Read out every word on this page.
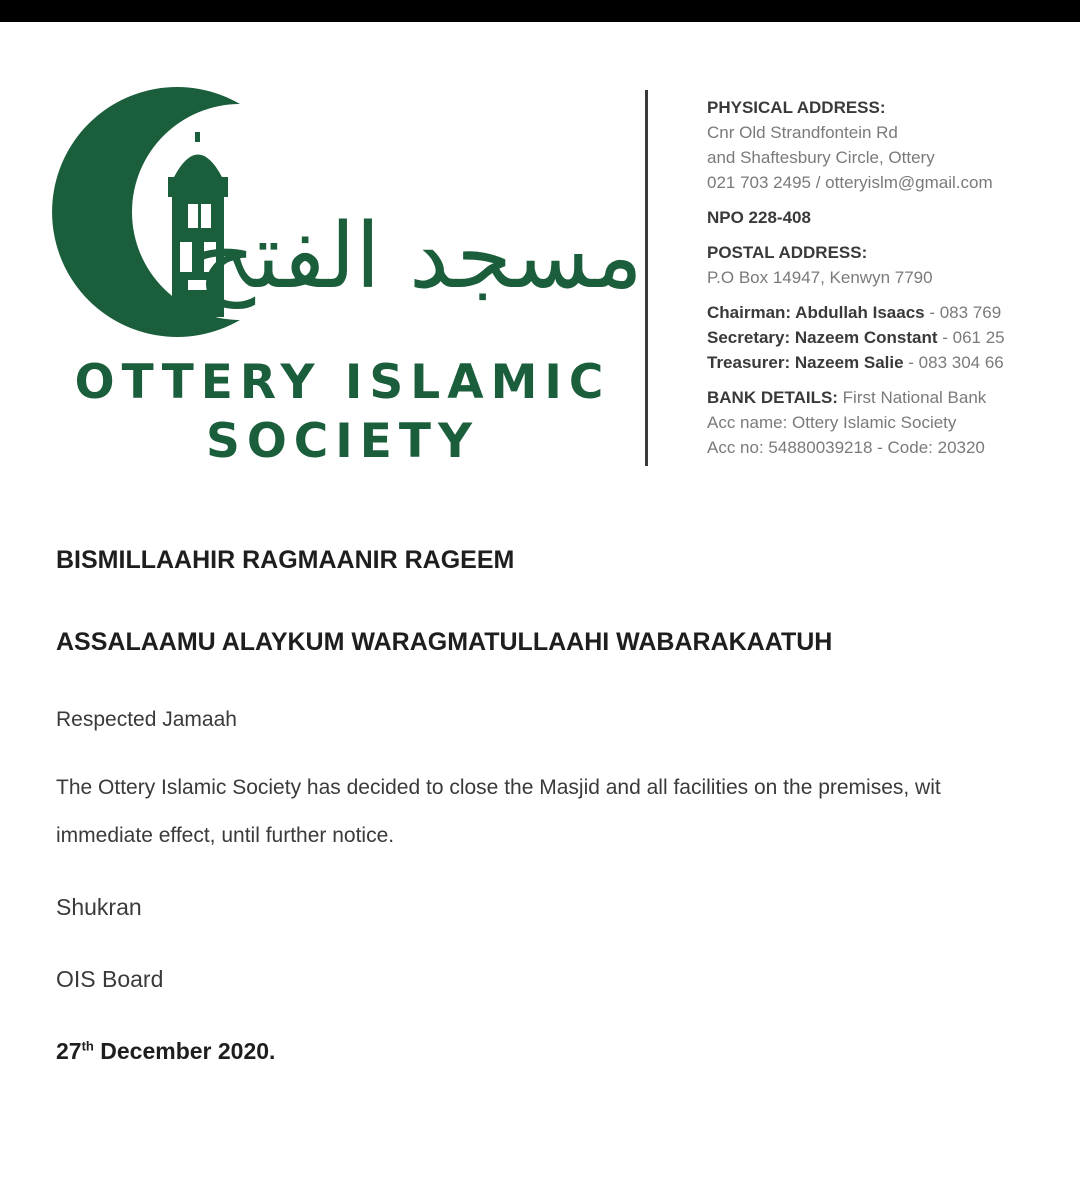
مسجد الفتح
OTTERY ISLAMIC
SOCIETY
PHYSICAL ADDRESS:
Cnr Old Strandfontein Rd
and Shaftesbury Circle, Ottery
021 703 2495 / otteryislm@gmail.com
NPO 228-408
POSTAL ADDRESS:
P.O Box 14947, Kenwyn 7790
Chairman: Abdullah Isaacs - 083 769
Secretary: Nazeem Constant - 061 25
Treasurer: Nazeem Salie - 083 304 66
BANK DETAILS: First National Bank
Acc name: Ottery Islamic Society
Acc no: 54880039218 - Code: 20320
BISMILLAAHIR RAGMAANIR RAGEEM
ASSALAAMU ALAYKUM WARAGMATULLAAHI WABARAKAATUH
Respected Jamaah
The Ottery Islamic Society has decided to close the Masjid and all facilities on the premises, wit
immediate effect, until further notice.
Shukran
OIS Board
27th December 2020.
